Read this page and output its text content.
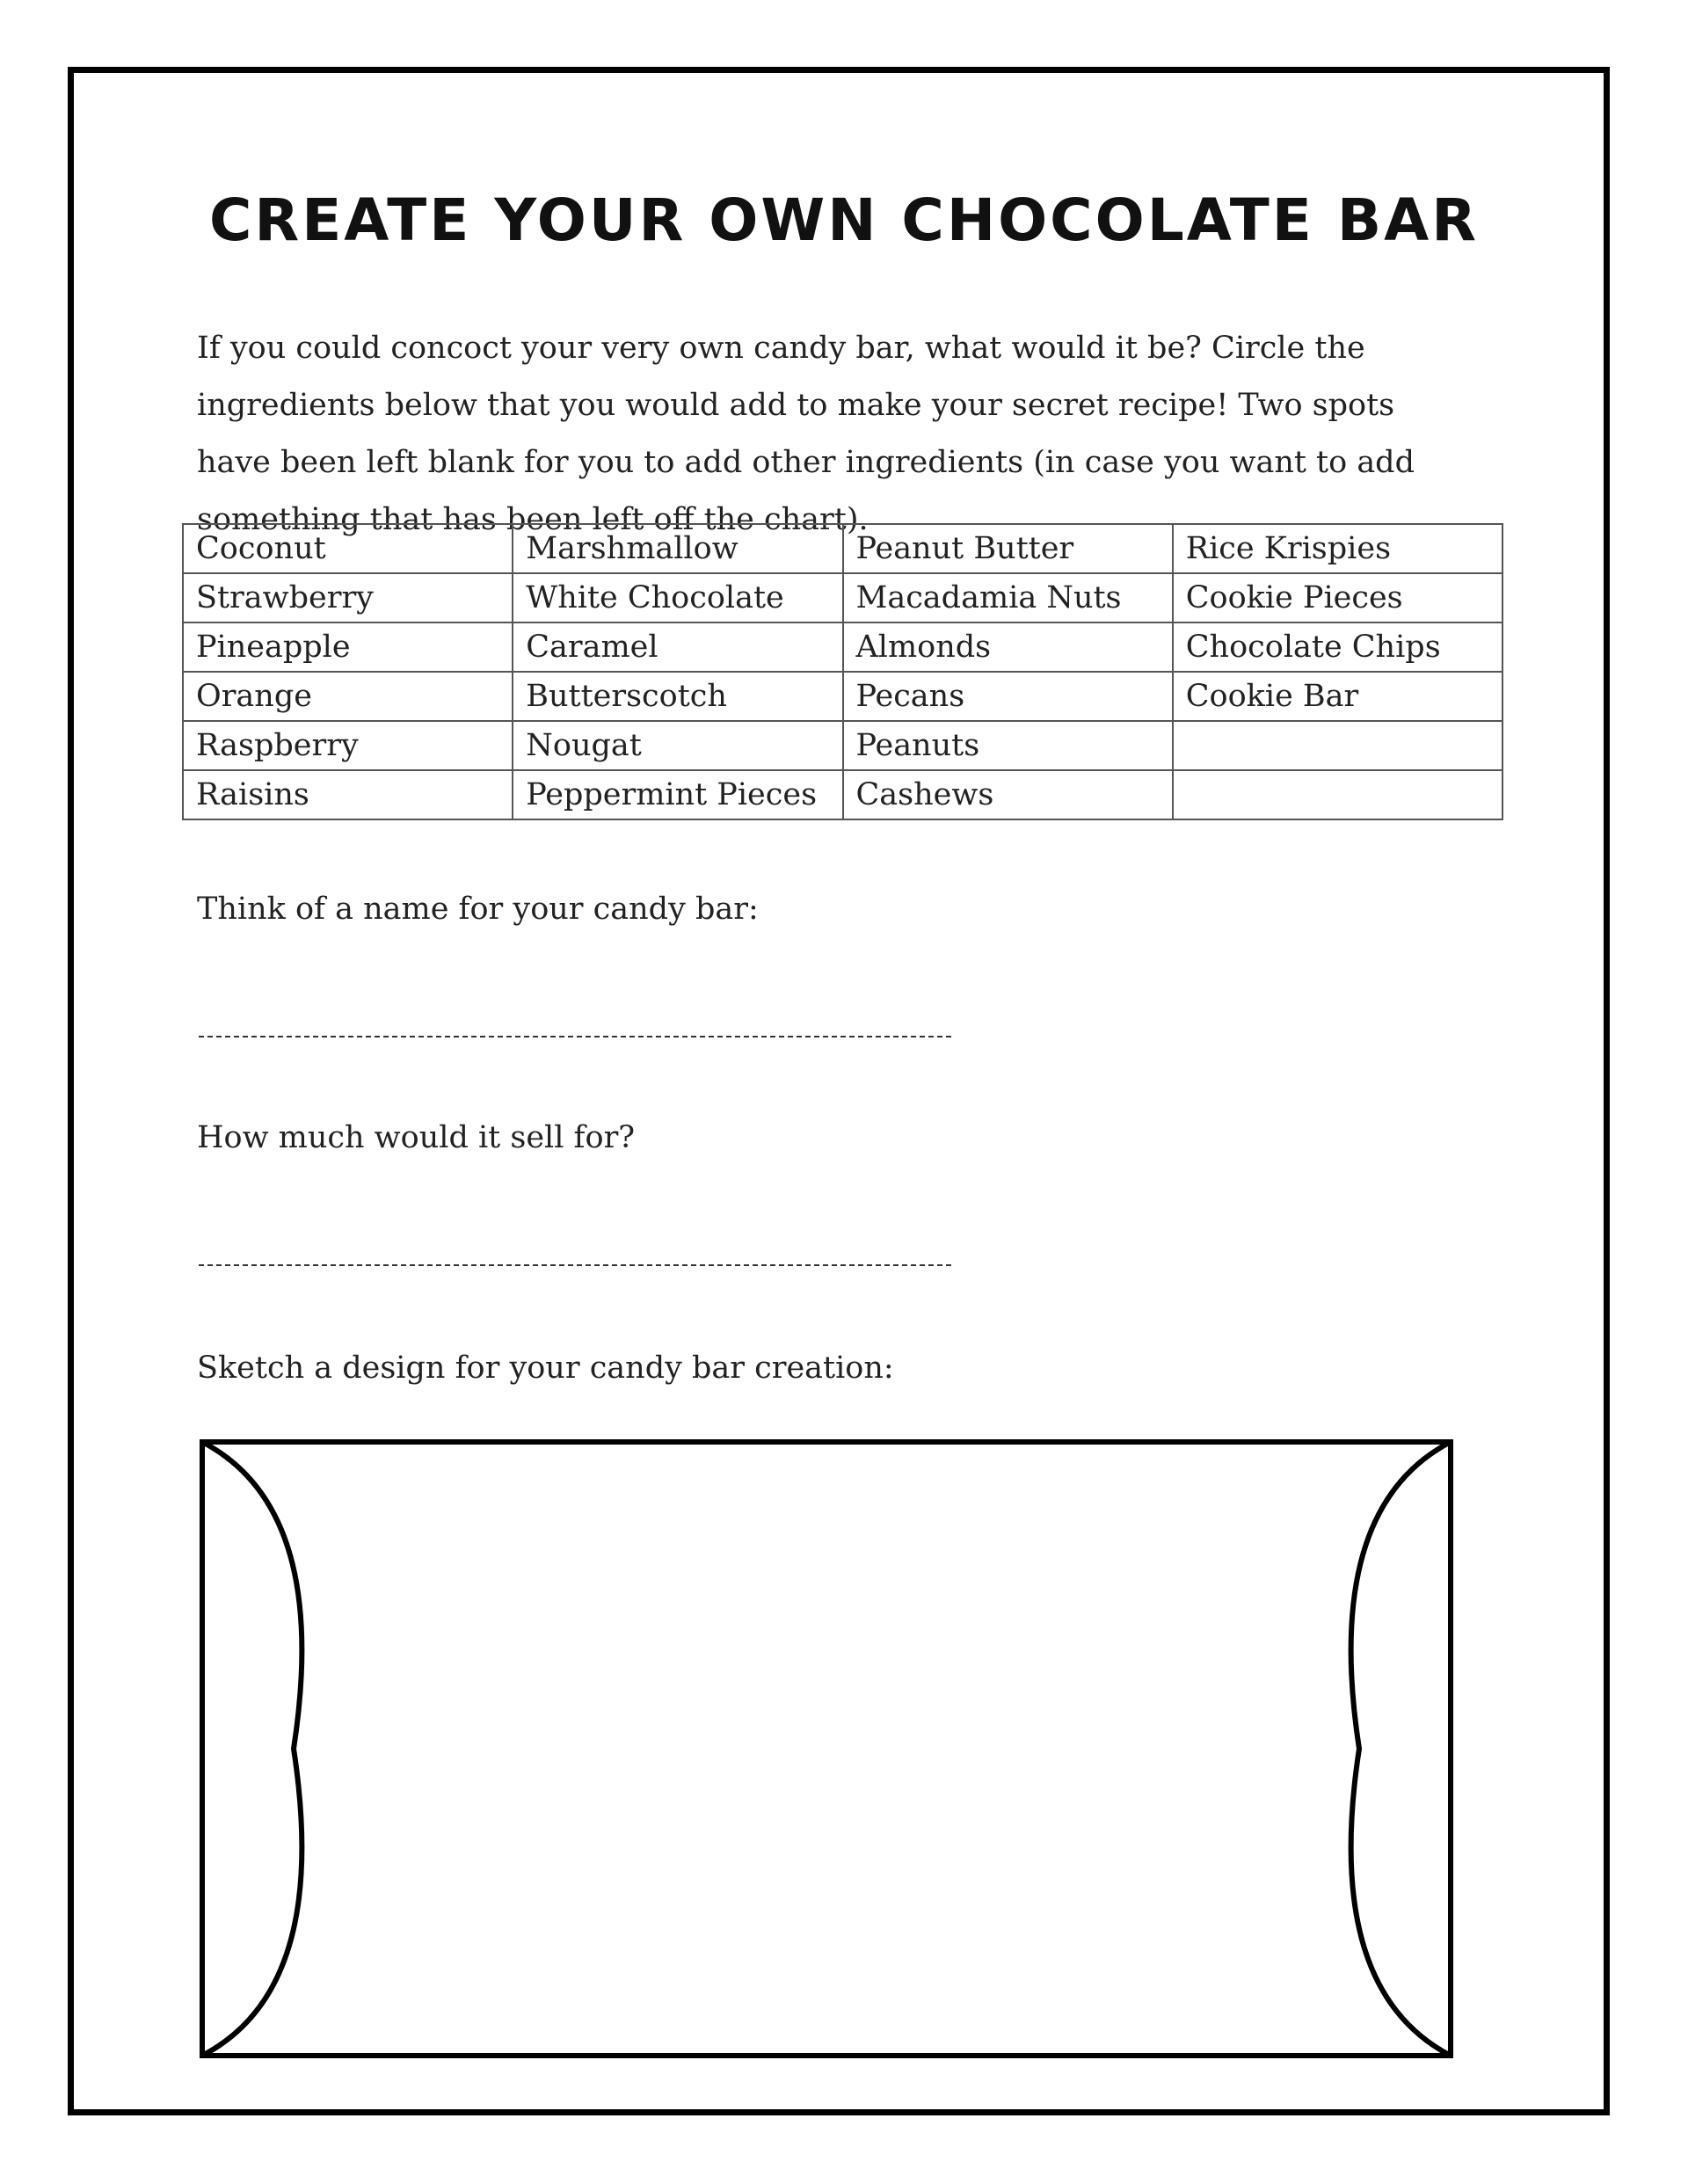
CREATE YOUR OWN CHOCOLATE BAR
If you could concoct your very own candy bar, what would it be? Circle the ingredients below that you would add to make your secret recipe! Two spots have been left blank for you to add other ingredients (in case you want to add something that has been left off the chart).
Coconut	Marshmallow	Peanut Butter	Rice Krispies
Strawberry	White Chocolate	Macadamia Nuts	Cookie Pieces
Pineapple	Caramel	Almonds	Chocolate Chips
Orange	Butterscotch	Pecans	Cookie Bar
Raspberry	Nougat	Peanuts	
Raisins	Peppermint Pieces	Cashews	
Think of a name for your candy bar:
How much would it sell for?
Sketch a design for your candy bar creation:
